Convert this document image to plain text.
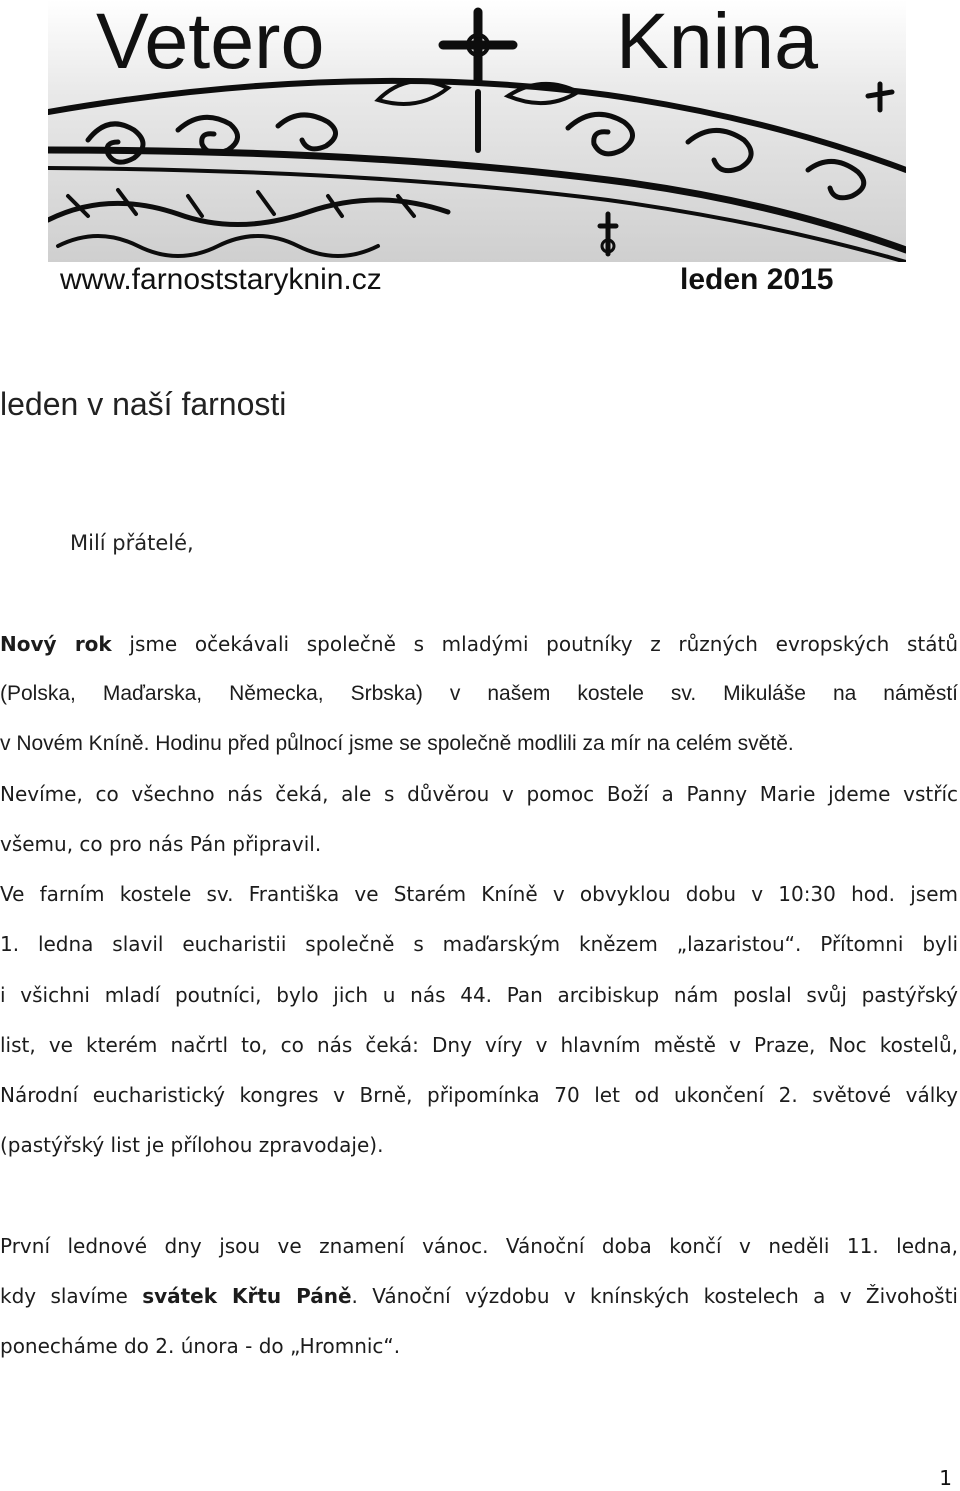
Vetero	Knina

www.farnoststaryknin.cz	leden 2015

leden v naší farnosti

Milí přátelé,

Nový rok jsme očekávali společně s mladými poutníky z různých evropských států

(Polska, Maďarska, Německa, Srbska) v našem kostele sv. Mikuláše na náměstí

v Novém Kníně. Hodinu před půlnocí jsme se společně modlili za mír na celém světě.

Nevíme, co všechno nás čeká, ale s důvěrou v pomoc Boží a Panny Marie jdeme vstříc

všemu, co pro nás Pán připravil.

Ve farním kostele sv. Františka ve Starém Kníně v obvyklou dobu v 10:30 hod. jsem

1. ledna slavil eucharistii společně s maďarským knězem „lazaristou“. Přítomni byli

i všichni mladí poutníci, bylo jich u nás 44. Pan arcibiskup nám poslal svůj pastýřský

list, ve kterém načrtl to, co nás čeká: Dny víry v hlavním městě v Praze, Noc kostelů,

Národní eucharistický kongres v Brně, připomínka 70 let od ukončení 2. světové války

(pastýřský list je přílohou zpravodaje).

První lednové dny jsou ve znamení vánoc. Vánoční doba končí v neděli 11. ledna,

kdy slavíme svátek Křtu Páně. Vánoční výzdobu v knínských kostelech a v Živohošti

ponecháme do 2. února - do „Hromnic“.

1
